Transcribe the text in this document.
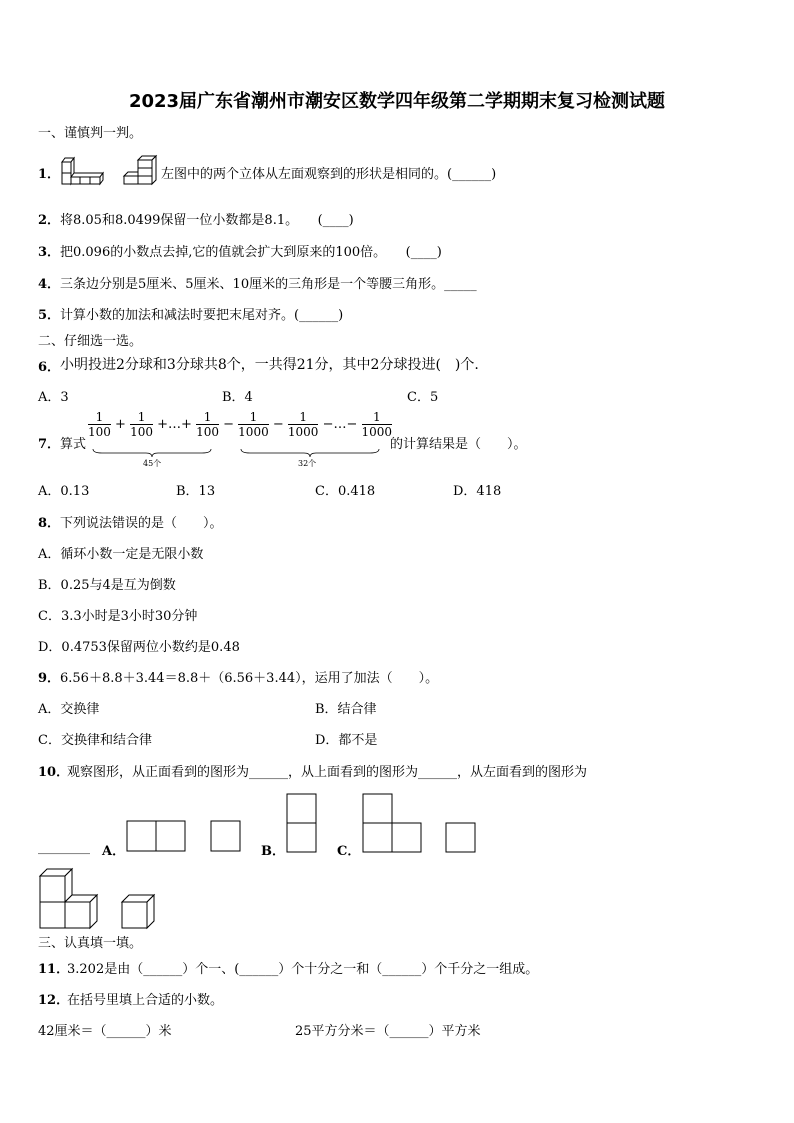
2023届广东省潮州市潮安区数学四年级第二学期期末复习检测试题
一、谨慎判一判。
1．	左图中的两个立体从左面观察到的形状是相同的。(______)
2． 将8.05和8.0499保留一位小数都是8.1。　　(____)
3． 把0.096的小数点去掉,它的值就会扩大到原来的100倍。　　(____)
4． 三条边分别是5厘米、5厘米、10厘米的三角形是一个等腰三角形。_____
5． 计算小数的加法和减法时要把末尾对齐。(______)
二、仔细选一选。
6． 小明投进2分球和3分球共8个，一共得21分，其中2分球投进(　)个.
A．3	B．4	C．5
7． 算式
$\frac{1}{100} + \frac{1}{100}$ +…+ $\frac{1}{100} - \frac{1}{1000} - \frac{1}{1000}$ −…− $\frac{1}{1000}$
45个	32个
的计算结果是（　　）。
A．0.13	B．13	C．0.418	D．418
8． 下列说法错误的是（　　）。
A．循环小数一定是无限小数
B．0.25与4是互为倒数
C．3.3小时是3小时30分钟
D．0.4753保留两位小数约是0.48
9． 6.56＋8.8＋3.44＝8.8＋（6.56＋3.44），运用了加法（　　）。
A．交换律	B．结合律
C．交换律和结合律	D．都不是
10．
观察图形，从正面看到的图形为______，从上面看到的图形为______，从左面看到的图形为
________ A．	B．	C．
三、认真填一填。
11．
3.202是由（______）个一、(______）个十分之一和（______）个千分之一组成。
12．
在括号里填上合适的小数。
42厘米＝（______）米	25平方分米＝（______）平方米
